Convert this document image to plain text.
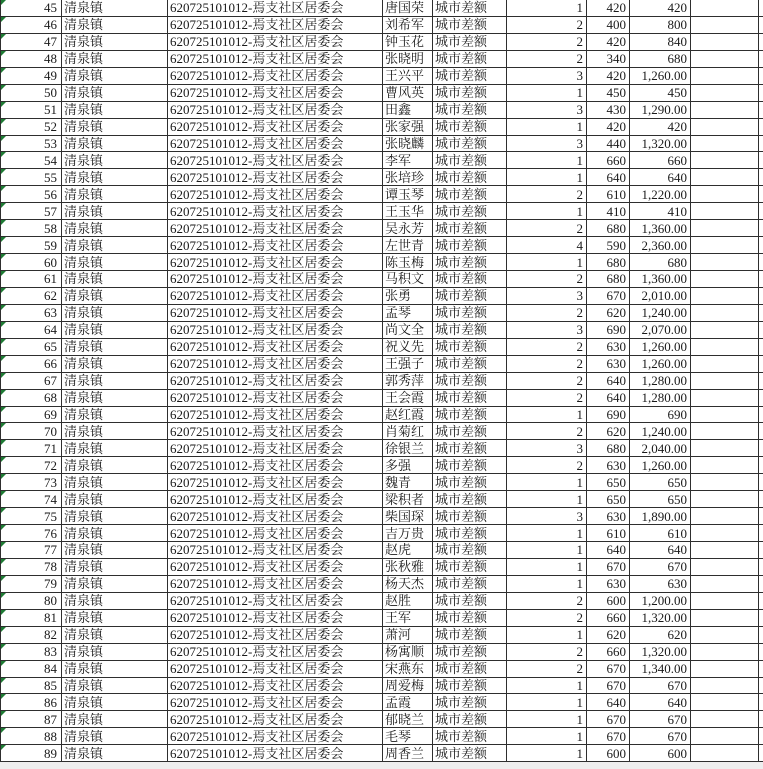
45 清泉镇	620725101012-焉支社区居委会	唐国荣 城市差额	1 420	420
46 清泉镇	620725101012-焉支社区居委会	刘希军 城市差额	2 400	800
47 清泉镇	620725101012-焉支社区居委会	钟玉花 城市差额	2 420	840
48 清泉镇	620725101012-焉支社区居委会	张晓明 城市差额	2 340	680
49 清泉镇	620725101012-焉支社区居委会	王兴平 城市差额	3 420 1,260.00
50 清泉镇	620725101012-焉支社区居委会	曹风英 城市差额	1 450	450
51 清泉镇	620725101012-焉支社区居委会	田鑫 城市差额	3 430 1,290.00
52 清泉镇	620725101012-焉支社区居委会	张家强 城市差额	1 420	420
53 清泉镇	620725101012-焉支社区居委会	张晓麟 城市差额	3 440 1,320.00
54 清泉镇	620725101012-焉支社区居委会	李军 城市差额	1 660	660
55 清泉镇	620725101012-焉支社区居委会	张培珍 城市差额	1 640	640
56 清泉镇	620725101012-焉支社区居委会	谭玉琴 城市差额	2 610 1,220.00
57 清泉镇	620725101012-焉支社区居委会	王玉华 城市差额	1 410	410
58 清泉镇	620725101012-焉支社区居委会	吴永芳 城市差额	2 680 1,360.00
59 清泉镇	620725101012-焉支社区居委会	左世青 城市差额	4 590 2,360.00
60 清泉镇	620725101012-焉支社区居委会	陈玉梅 城市差额	1 680	680
61 清泉镇	620725101012-焉支社区居委会	马积文 城市差额	2 680 1,360.00
62 清泉镇	620725101012-焉支社区居委会	张勇 城市差额	3 670 2,010.00
63 清泉镇	620725101012-焉支社区居委会	孟琴 城市差额	2 620 1,240.00
64 清泉镇	620725101012-焉支社区居委会	尚文全 城市差额	3 690 2,070.00
65 清泉镇	620725101012-焉支社区居委会	祝义先 城市差额	2 630 1,260.00
66 清泉镇	620725101012-焉支社区居委会	王强子 城市差额	2 630 1,260.00
67 清泉镇	620725101012-焉支社区居委会	郭秀萍 城市差额	2 640 1,280.00
68 清泉镇	620725101012-焉支社区居委会	王会霞 城市差额	2 640 1,280.00
69 清泉镇	620725101012-焉支社区居委会	赵红霞 城市差额	1 690	690
70 清泉镇	620725101012-焉支社区居委会	肖菊红 城市差额	2 620 1,240.00
71 清泉镇	620725101012-焉支社区居委会	徐银兰 城市差额	3 680 2,040.00
72 清泉镇	620725101012-焉支社区居委会	多强 城市差额	2 630 1,260.00
73 清泉镇	620725101012-焉支社区居委会	魏青 城市差额	1 650	650
74 清泉镇	620725101012-焉支社区居委会	梁积者 城市差额	1 650	650
75 清泉镇	620725101012-焉支社区居委会	柴国琛 城市差额	3 630 1,890.00
76 清泉镇	620725101012-焉支社区居委会	吉万贵 城市差额	1 610	610
77 清泉镇	620725101012-焉支社区居委会	赵虎 城市差额	1 640	640
78 清泉镇	620725101012-焉支社区居委会	张秋雅 城市差额	1 670	670
79 清泉镇	620725101012-焉支社区居委会	杨天杰 城市差额	1 630	630
80 清泉镇	620725101012-焉支社区居委会	赵胜 城市差额	2 600 1,200.00
81 清泉镇	620725101012-焉支社区居委会	王军 城市差额	2 660 1,320.00
82 清泉镇	620725101012-焉支社区居委会	萧河 城市差额	1 620	620
83 清泉镇	620725101012-焉支社区居委会	杨寓顺 城市差额	2 660 1,320.00
84 清泉镇	620725101012-焉支社区居委会	宋燕东 城市差额	2 670 1,340.00
85 清泉镇	620725101012-焉支社区居委会	周爱梅 城市差额	1 670	670
86 清泉镇	620725101012-焉支社区居委会	孟霞 城市差额	1 640	640
87 清泉镇	620725101012-焉支社区居委会	郁晓兰 城市差额	1 670	670
88 清泉镇	620725101012-焉支社区居委会	毛琴 城市差额	1 670	670
89 清泉镇	620725101012-焉支社区居委会	周香兰 城市差额	1 600	600
